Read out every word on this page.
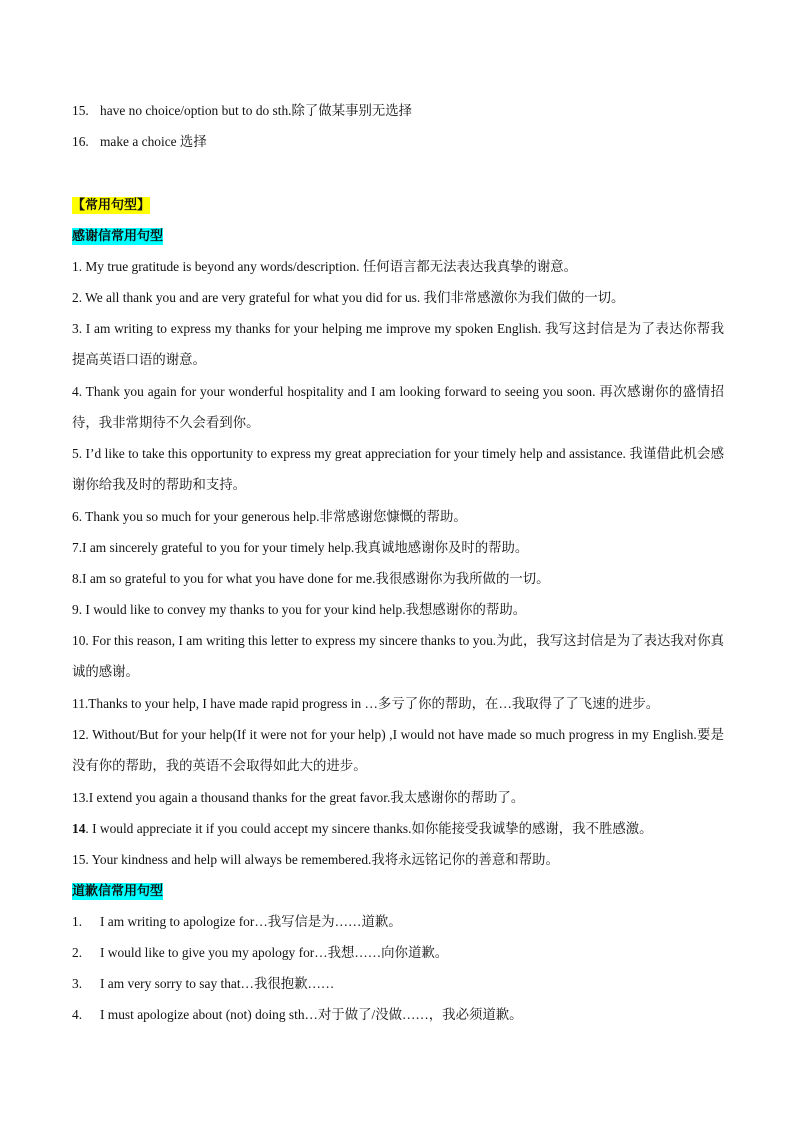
15. have no choice/option but to do sth.除了做某事别无选择
16. make a choice 选择
【常用句型】
感谢信常用句型
1. My true gratitude is beyond any words/description. 任何语言都无法表达我真挚的谢意。
2. We all thank you and are very grateful for what you did for us. 我们非常感激你为我们做的一切。
3. I am writing to express my thanks for your helping me improve my spoken English. 我写这封信是为了表达你帮我提高英语口语的谢意。
4. Thank you again for your wonderful hospitality and I am looking forward to seeing you soon. 再次感谢你的盛情招待，我非常期待不久会看到你。
5. I’d like to take this opportunity to express my great appreciation for your timely help and assistance. 我谨借此机会感谢你给我及时的帮助和支持。
6. Thank you so much for your generous help.非常感谢您慷慨的帮助。
7.I am sincerely grateful to you for your timely help.我真诚地感谢你及时的帮助。
8.I am so grateful to you for what you have done for me.我很感谢你为我所做的一切。
9. I would like to convey my thanks to you for your kind help.我想感谢你的帮助。
10. For this reason, I am writing this letter to express my sincere thanks to you.为此，我写这封信是为了表达我对你真诚的感谢。
11.Thanks to your help, I have made rapid progress in …多亏了你的帮助，在…我取得了了飞速的进步。
12. Without/But for your help(If it were not for your help) ,I would not have made so much progress in my English.要是没有你的帮助，我的英语不会取得如此大的进步。
13.I extend you again a thousand thanks for the great favor.我太感谢你的帮助了。
14. I would appreciate it if you could accept my sincere thanks.如你能接受我诚挚的感谢，我不胜感激。
15. Your kindness and help will always be remembered.我将永远铭记你的善意和帮助。
道歉信常用句型
1. I am writing to apologize for…我写信是为……道歉。
2. I would like to give you my apology for…我想……向你道歉。
3. I am very sorry to say that…我很抱歉……
4. I must apologize about (not) doing sth…对于做了/没做……，我必须道歉。
